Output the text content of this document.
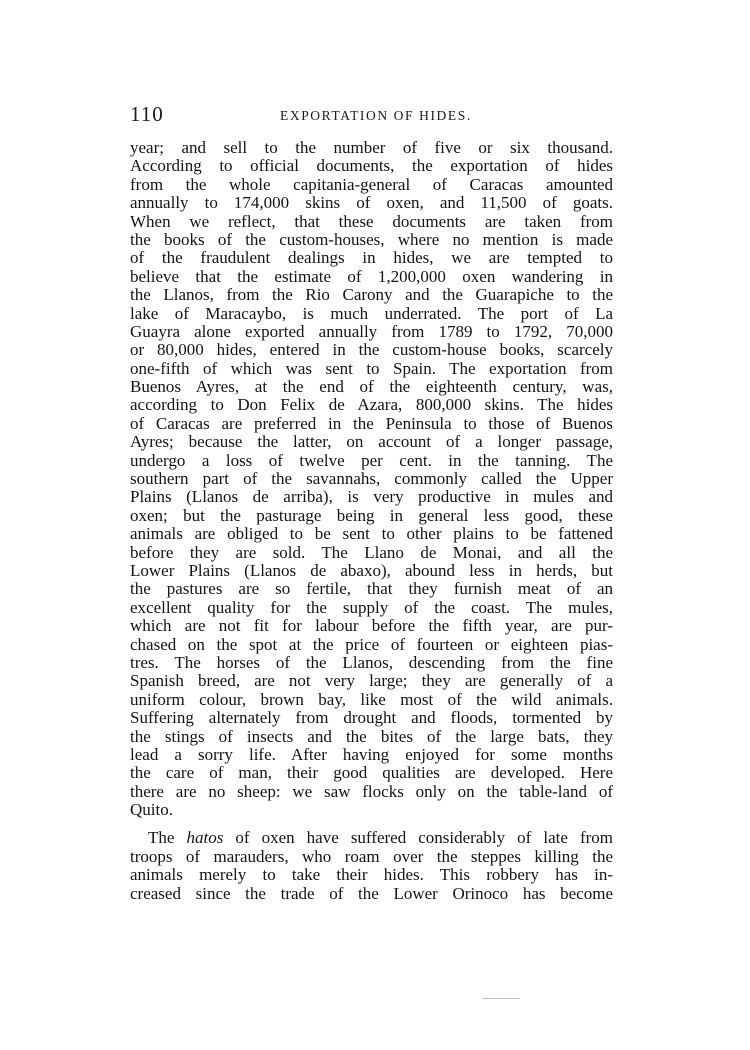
110	EXPORTATION OF HIDES.
year; and sell to the number of five or six thousand.
According to official documents, the exportation of hides
from the whole capitania-general of Caracas amounted
annually to 174,000 skins of oxen, and 11,500 of goats.
When we reflect, that these documents are taken from
the books of the custom-houses, where no mention is made
of the fraudulent dealings in hides, we are tempted to
believe that the estimate of 1,200,000 oxen wandering in
the Llanos, from the Rio Carony and the Guarapiche to the
lake of Maracaybo, is much underrated. The port of La
Guayra alone exported annually from 1789 to 1792, 70,000
or 80,000 hides, entered in the custom-house books, scarcely
one-fifth of which was sent to Spain. The exportation from
Buenos Ayres, at the end of the eighteenth century, was,
according to Don Felix de Azara, 800,000 skins. The hides
of Caracas are preferred in the Peninsula to those of Buenos
Ayres; because the latter, on account of a longer passage,
undergo a loss of twelve per cent. in the tanning. The
southern part of the savannahs, commonly called the Upper
Plains (Llanos de arriba), is very productive in mules and
oxen; but the pasturage being in general less good, these
animals are obliged to be sent to other plains to be fattened
before they are sold. The Llano de Monai, and all the
Lower Plains (Llanos de abaxo), abound less in herds, but
the pastures are so fertile, that they furnish meat of an
excellent quality for the supply of the coast. The mules,
which are not fit for labour before the fifth year, are pur-
chased on the spot at the price of fourteen or eighteen pias-
tres. The horses of the Llanos, descending from the fine
Spanish breed, are not very large; they are generally of a
uniform colour, brown bay, like most of the wild animals.
Suffering alternately from drought and floods, tormented by
the stings of insects and the bites of the large bats, they
lead a sorry life. After having enjoyed for some months
the care of man, their good qualities are developed. Here
there are no sheep: we saw flocks only on the table-land of
Quito.
The hatos of oxen have suffered considerably of late from
troops of marauders, who roam over the steppes killing the
animals merely to take their hides. This robbery has in-
creased since the trade of the Lower Orinoco has become
